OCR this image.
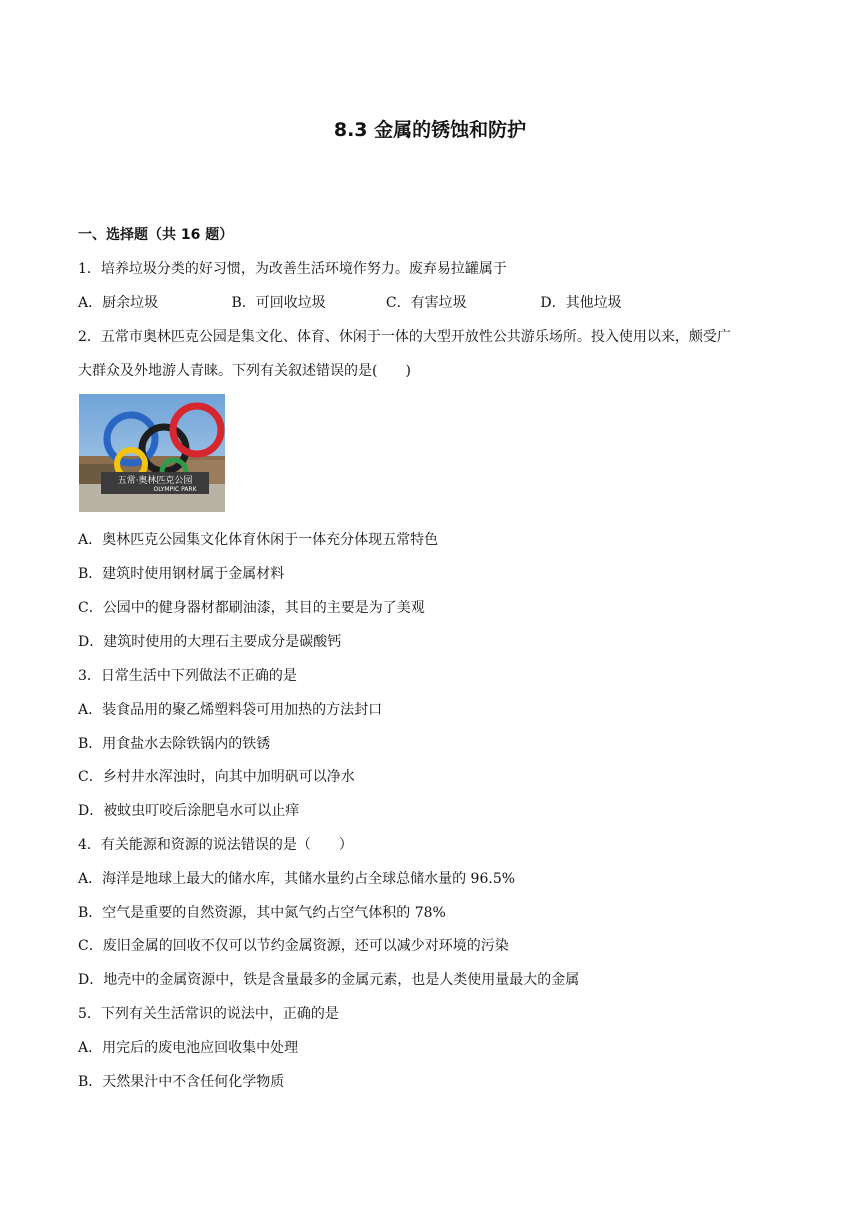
8.3 金属的锈蚀和防护
一、选择题（共 16 题）
1．培养垃圾分类的好习惯，为改善生活环境作努力。废弃易拉罐属于
A．厨余垃圾	B．可回收垃圾	C．有害垃圾	D．其他垃圾
2．五常市奥林匹克公园是集文化、体育、休闲于一体的大型开放性公共游乐场所。投入使用以来，颇受广
大群众及外地游人青睐。下列有关叙述错误的是(　　)
五常·奥林匹克公园
OLYMPIC PARK
A．奥林匹克公园集文化体育休闲于一体充分体现五常特色
B．建筑时使用钢材属于金属材料
C．公园中的健身器材都刷油漆，其目的主要是为了美观
D．建筑时使用的大理石主要成分是碳酸钙
3．日常生活中下列做法不正确的是
A．装食品用的聚乙烯塑料袋可用加热的方法封口
B．用食盐水去除铁锅内的铁锈
C．乡村井水浑浊时，向其中加明矾可以净水
D．被蚊虫叮咬后涂肥皂水可以止痒
4．有关能源和资源的说法错误的是（　　）
A．海洋是地球上最大的储水库，其储水量约占全球总储水量的 96.5%
B．空气是重要的自然资源，其中氮气约占空气体积的 78%
C．废旧金属的回收不仅可以节约金属资源，还可以减少对环境的污染
D．地壳中的金属资源中，铁是含量最多的金属元素，也是人类使用量最大的金属
5．下列有关生活常识的说法中，正确的是
A．用完后的废电池应回收集中处理
B．天然果汁中不含任何化学物质
